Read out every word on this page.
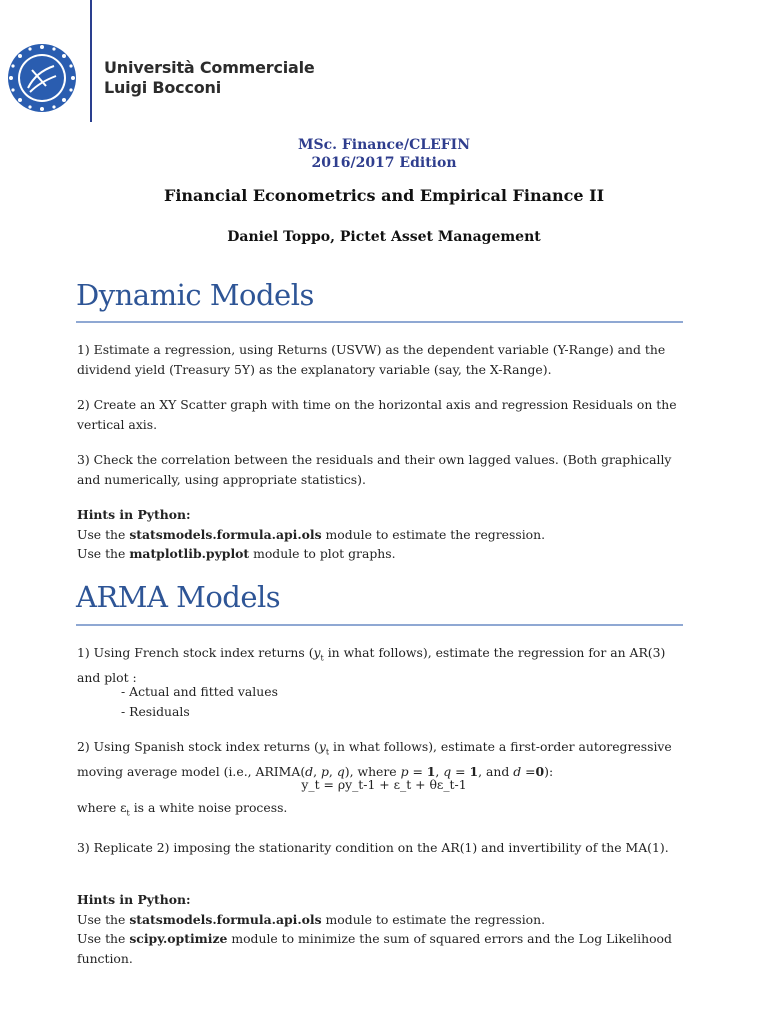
Università Commerciale
Luigi Bocconi
MSc. Finance/CLEFIN
2016/2017 Edition
Financial Econometrics and Empirical Finance II
Daniel Toppo, Pictet Asset Management
Dynamic Models
1) Estimate a regression, using Returns (USVW) as the dependent variable (Y-Range) and the dividend yield (Treasury 5Y) as the explanatory variable (say, the X-Range).
2) Create an XY Scatter graph with time on the horizontal axis and regression Residuals on the vertical axis.
3) Check the correlation between the residuals and their own lagged values. (Both graphically and numerically, using appropriate statistics).
Hints in Python:
Use the statsmodels.formula.api.ols module to estimate the regression.
Use the matplotlib.pyplot module to plot graphs.
ARMA Models
1) Using French stock index returns ($y_t$ in what follows), estimate the regression for an AR(3) and plot :
- Actual and fitted values
- Residuals
2) Using Spanish stock index returns ($y_t$ in what follows), estimate a first-order autoregressive moving average model (i.e., ARIMA(d, p, q), where p = 1, q = 1, and d =0):
y_t = ρy_t-1 + ε_t + θε_t-1
where $\varepsilon_t$ is a white noise process.
3) Replicate 2) imposing the stationarity condition on the AR(1) and invertibility of the MA(1).
Hints in Python:
Use the statsmodels.formula.api.ols module to estimate the regression.
Use the scipy.optimize module to minimize the sum of squared errors and the Log Likelihood function.
